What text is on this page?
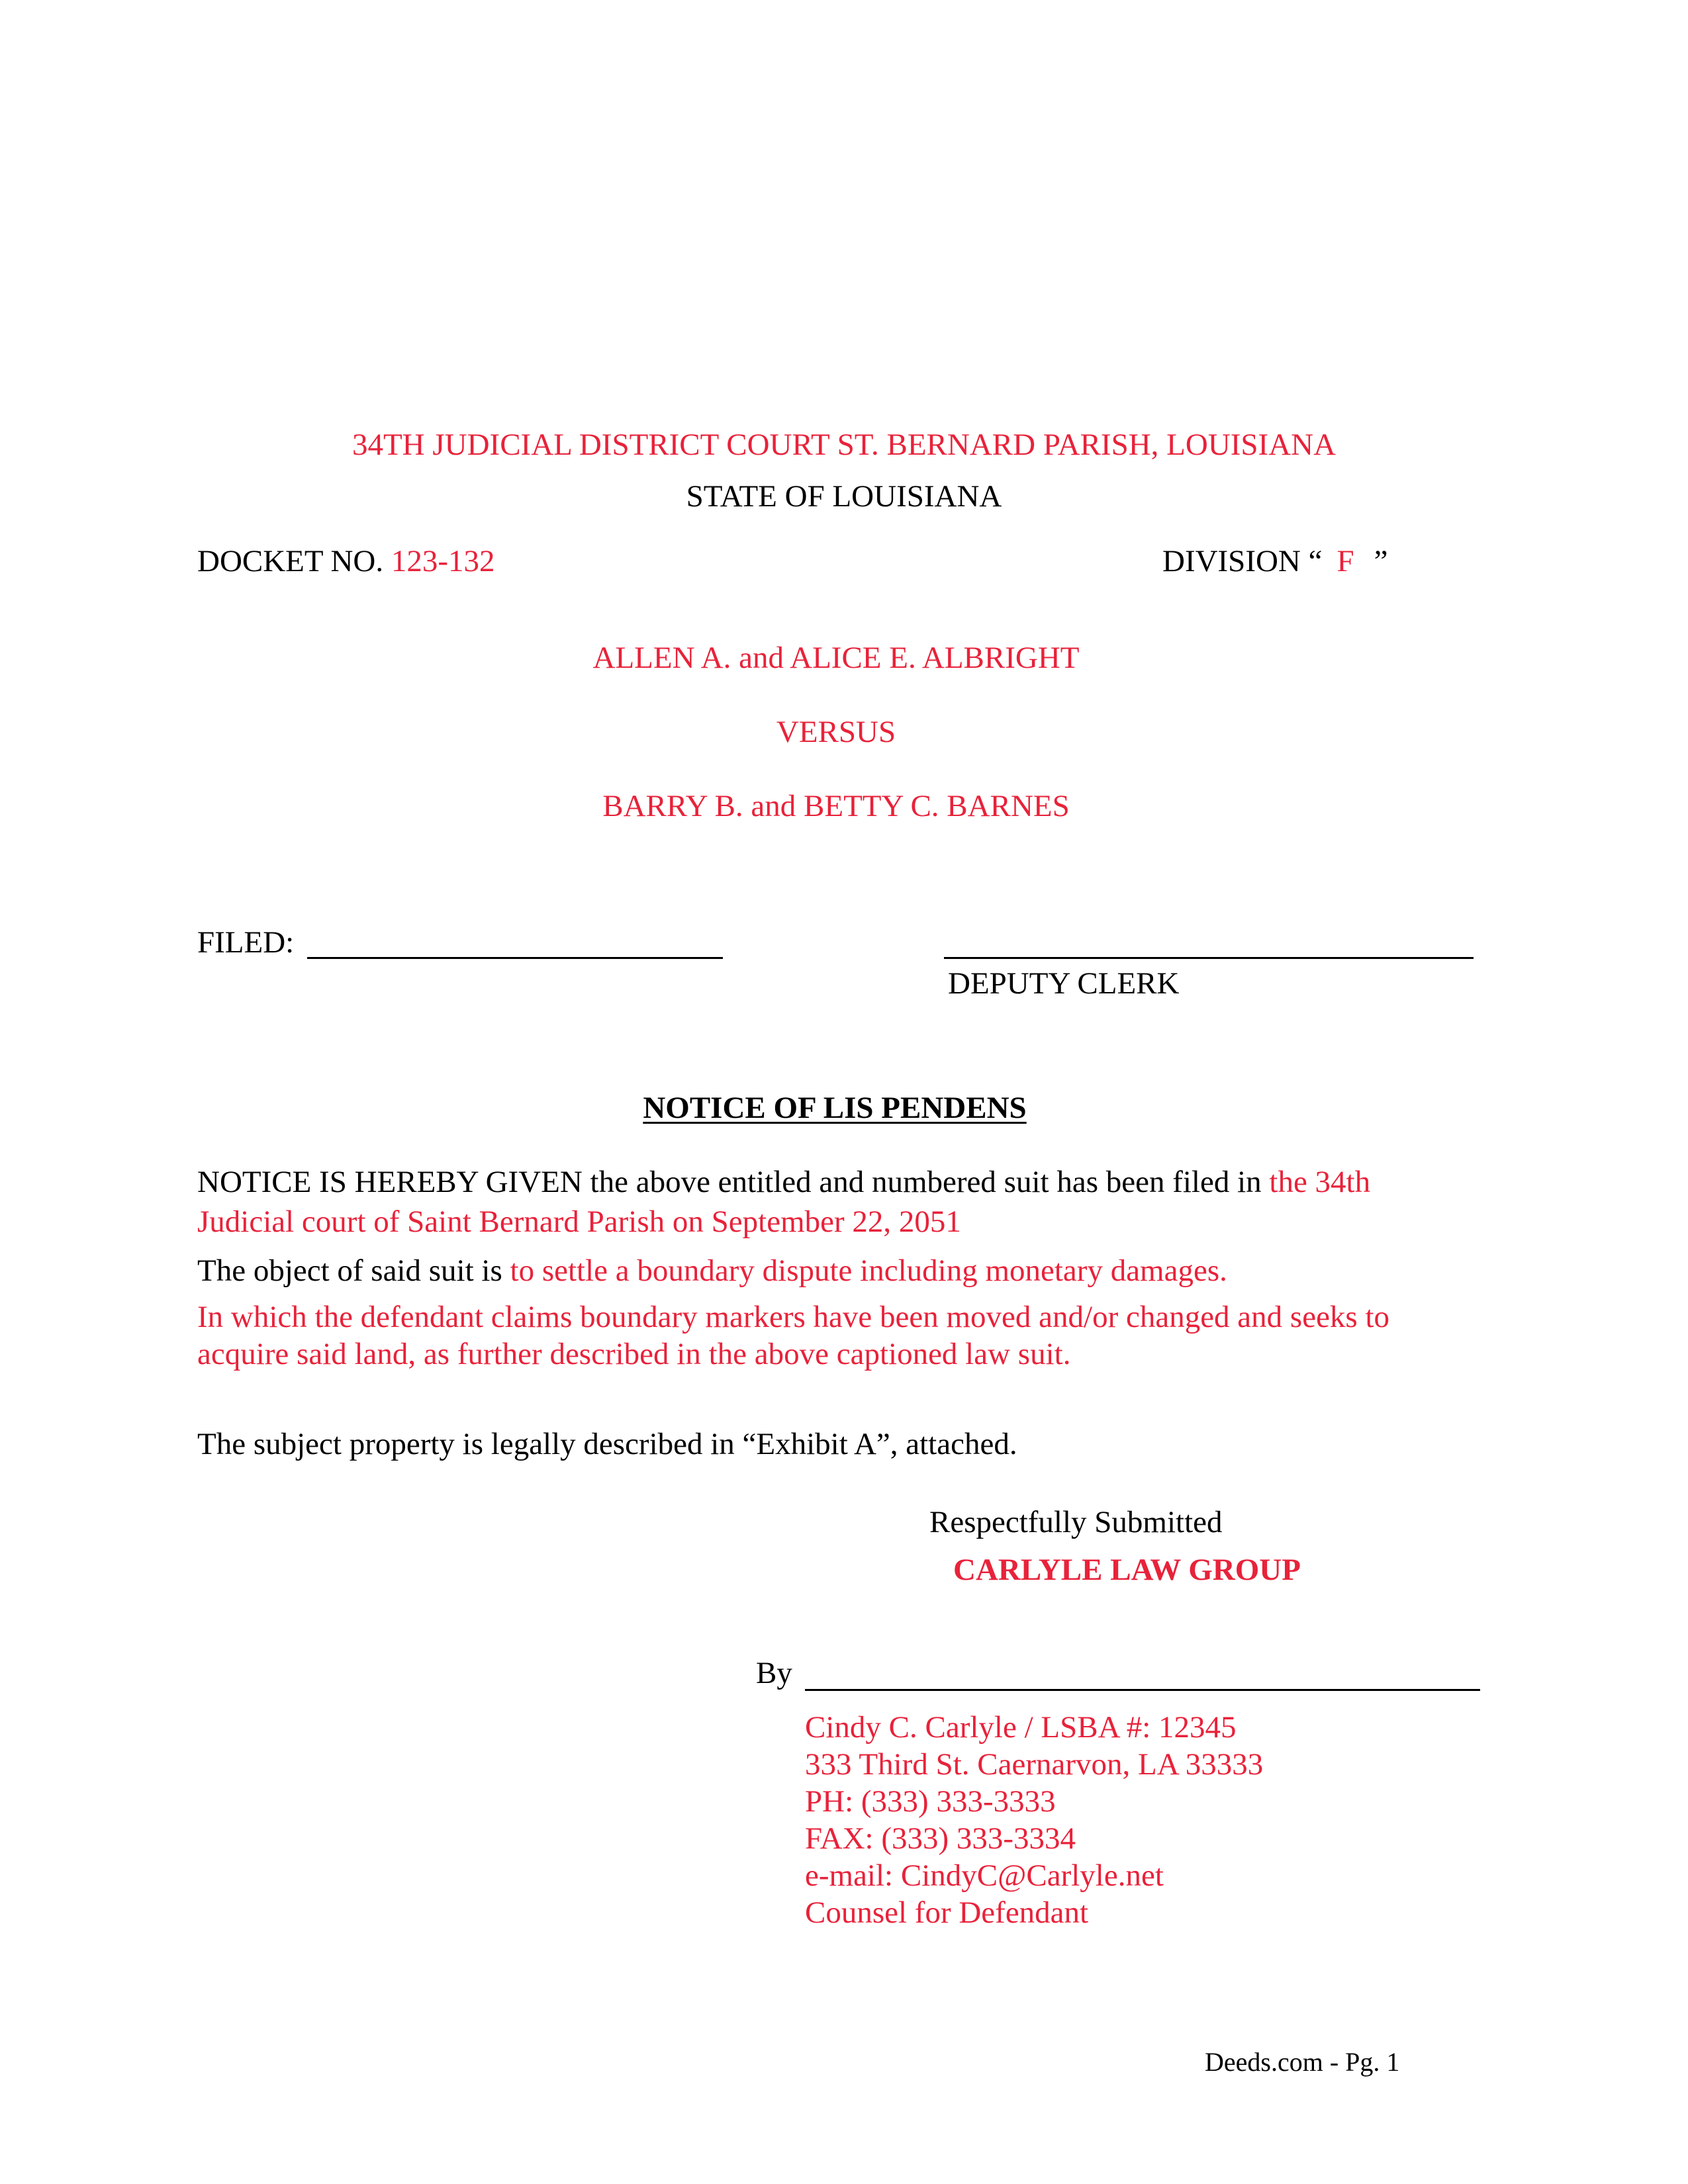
34TH JUDICIAL DISTRICT COURT ST. BERNARD PARISH, LOUISIANA
STATE OF LOUISIANA
DOCKET NO. 123-132	DIVISION “ F ”
ALLEN A. and ALICE E. ALBRIGHT
VERSUS
BARRY B. and BETTY C. BARNES
FILED:
DEPUTY CLERK
NOTICE OF LIS PENDENS
NOTICE IS HEREBY GIVEN the above entitled and numbered suit has been filed in the 34th
Judicial court of Saint Bernard Parish on September 22, 2051
The object of said suit is to settle a boundary dispute including monetary damages.
In which the defendant claims boundary markers have been moved and/or changed and seeks to
acquire said land, as further described in the above captioned law suit.
The subject property is legally described in “Exhibit A”, attached.
Respectfully Submitted
CARLYLE LAW GROUP
By
Cindy C. Carlyle / LSBA #: 12345
333 Third St. Caernarvon, LA 33333
PH: (333) 333-3333
FAX: (333) 333-3334
e-mail: CindyC@Carlyle.net
Counsel for Defendant
Deeds.com - Pg. 1
